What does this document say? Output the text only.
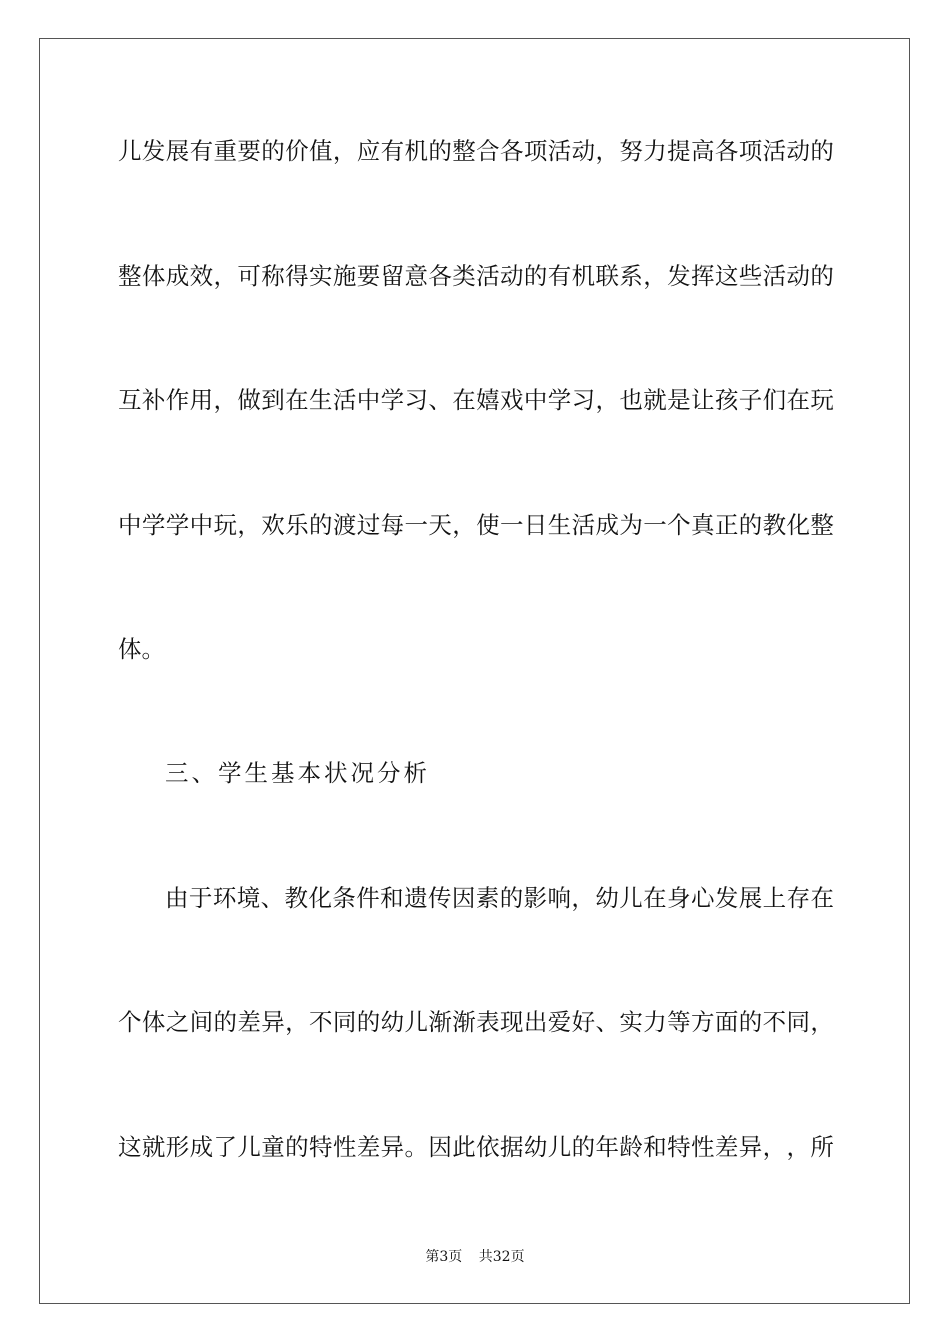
儿 发 展 有 重 要 的 价 值 ， 应 有 机 的 整 合 各 项 活 动 ， 努 力 提 高 各 项 活 动 的
整 体 成 效 ， 可 称 得 实 施 要 留 意 各 类 活 动 的 有 机 联 系 ， 发 挥 这 些 活 动 的
互 补 作 用 ， 做 到 在 生 活 中 学 习 、 在 嬉 戏 中 学 习 ， 也 就 是 让 孩 子 们 在 玩
中 学 学 中 玩 ， 欢 乐 的 渡 过 每 一 天 ， 使 一 日 生 活 成 为 一 个 真 正 的 教 化 整
体。
三、学生基本状况分析
由 于 环 境 、 教 化 条 件 和 遗 传 因 素 的 影 响 ， 幼 儿 在 身 心 发 展 上 存 在
个 体 之 间 的 差 异 ， 不 同 的 幼 儿 渐 渐 表 现 出 爱 好 、 实 力 等 方 面 的 不 同 ，
这 就 形 成 了 儿 童 的 特 性 差 异 。 因 此 依 据 幼 儿 的 年 龄 和 特 性 差 异 ， ， 所
第3页 共32页
